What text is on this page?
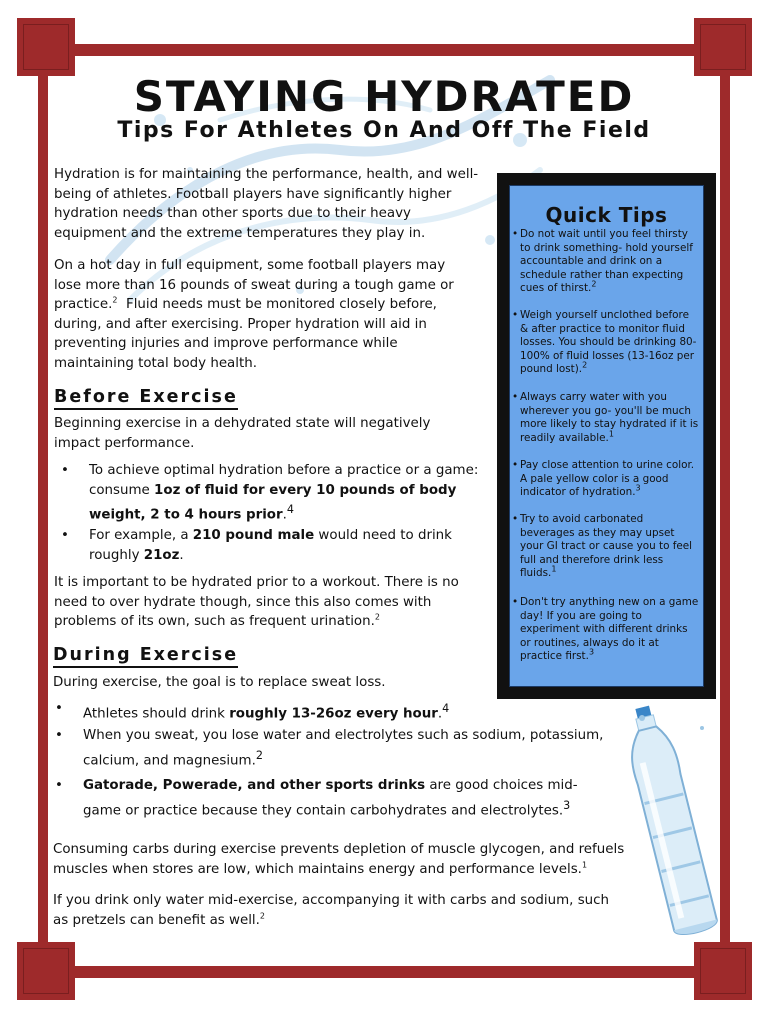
STAYING HYDRATED
Tips For Athletes On And Off The Field
Hydration is for maintaining the performance, health, and well-being of athletes. Football players have significantly higher hydration needs than other sports due to their heavy equipment and the extreme temperatures they play in.
On a hot day in full equipment, some football players may
lose more than 16 pounds of sweat during a tough game or
practice.$^2$  Fluid needs must be monitored closely before,
during, and after exercising. Proper hydration will aid in
preventing injuries and improve performance while
maintaining total body health.
Before Exercise
Beginning exercise in a dehydrated state will negatively impact performance.
• To achieve optimal hydration before a practice or a game: consume 1oz of fluid for every 10 pounds of body weight, 2 to 4 hours prior.$^4$
• For example, a 210 pound male would need to drink roughly 21oz.
It is important to be hydrated prior to a workout. There is no need to over hydrate though, since this also comes with problems of its own, such as frequent urination.$^2$
During Exercise
During exercise, the goal is to replace sweat loss.
• Athletes should drink roughly 13-26oz every hour.$^4$
• When you sweat, you lose water and electrolytes such as sodium, potassium, calcium, and magnesium.$^2$
• Gatorade, Powerade, and other sports drinks are good choices mid-game or practice because they contain carbohydrates and electrolytes.$^3$
Consuming carbs during exercise prevents depletion of muscle glycogen, and refuels muscles when stores are low, which maintains energy and performance levels.$^1$
If you drink only water mid-exercise, accompanying it with carbs and sodium, such as pretzels can benefit as well.$^2$
Quick Tips
• Do not wait until you feel thirsty to drink something- hold yourself accountable and drink on a schedule rather than expecting cues of thirst.$^2$
• Weigh yourself unclothed before & after practice to monitor fluid losses. You should be drinking 80-100% of fluid losses (13-16oz per pound lost).$^2$
• Always carry water with you wherever you go- you'll be much more likely to stay hydrated if it is readily available.$^1$
• Pay close attention to urine color. A pale yellow color is a good indicator of hydration.$^3$
• Try to avoid carbonated beverages as they may upset your GI tract or cause you to feel full and therefore drink less fluids.$^1$
• Don't try anything new on a game day! If you are going to experiment with different drinks or routines, always do it at practice first.$^3$
